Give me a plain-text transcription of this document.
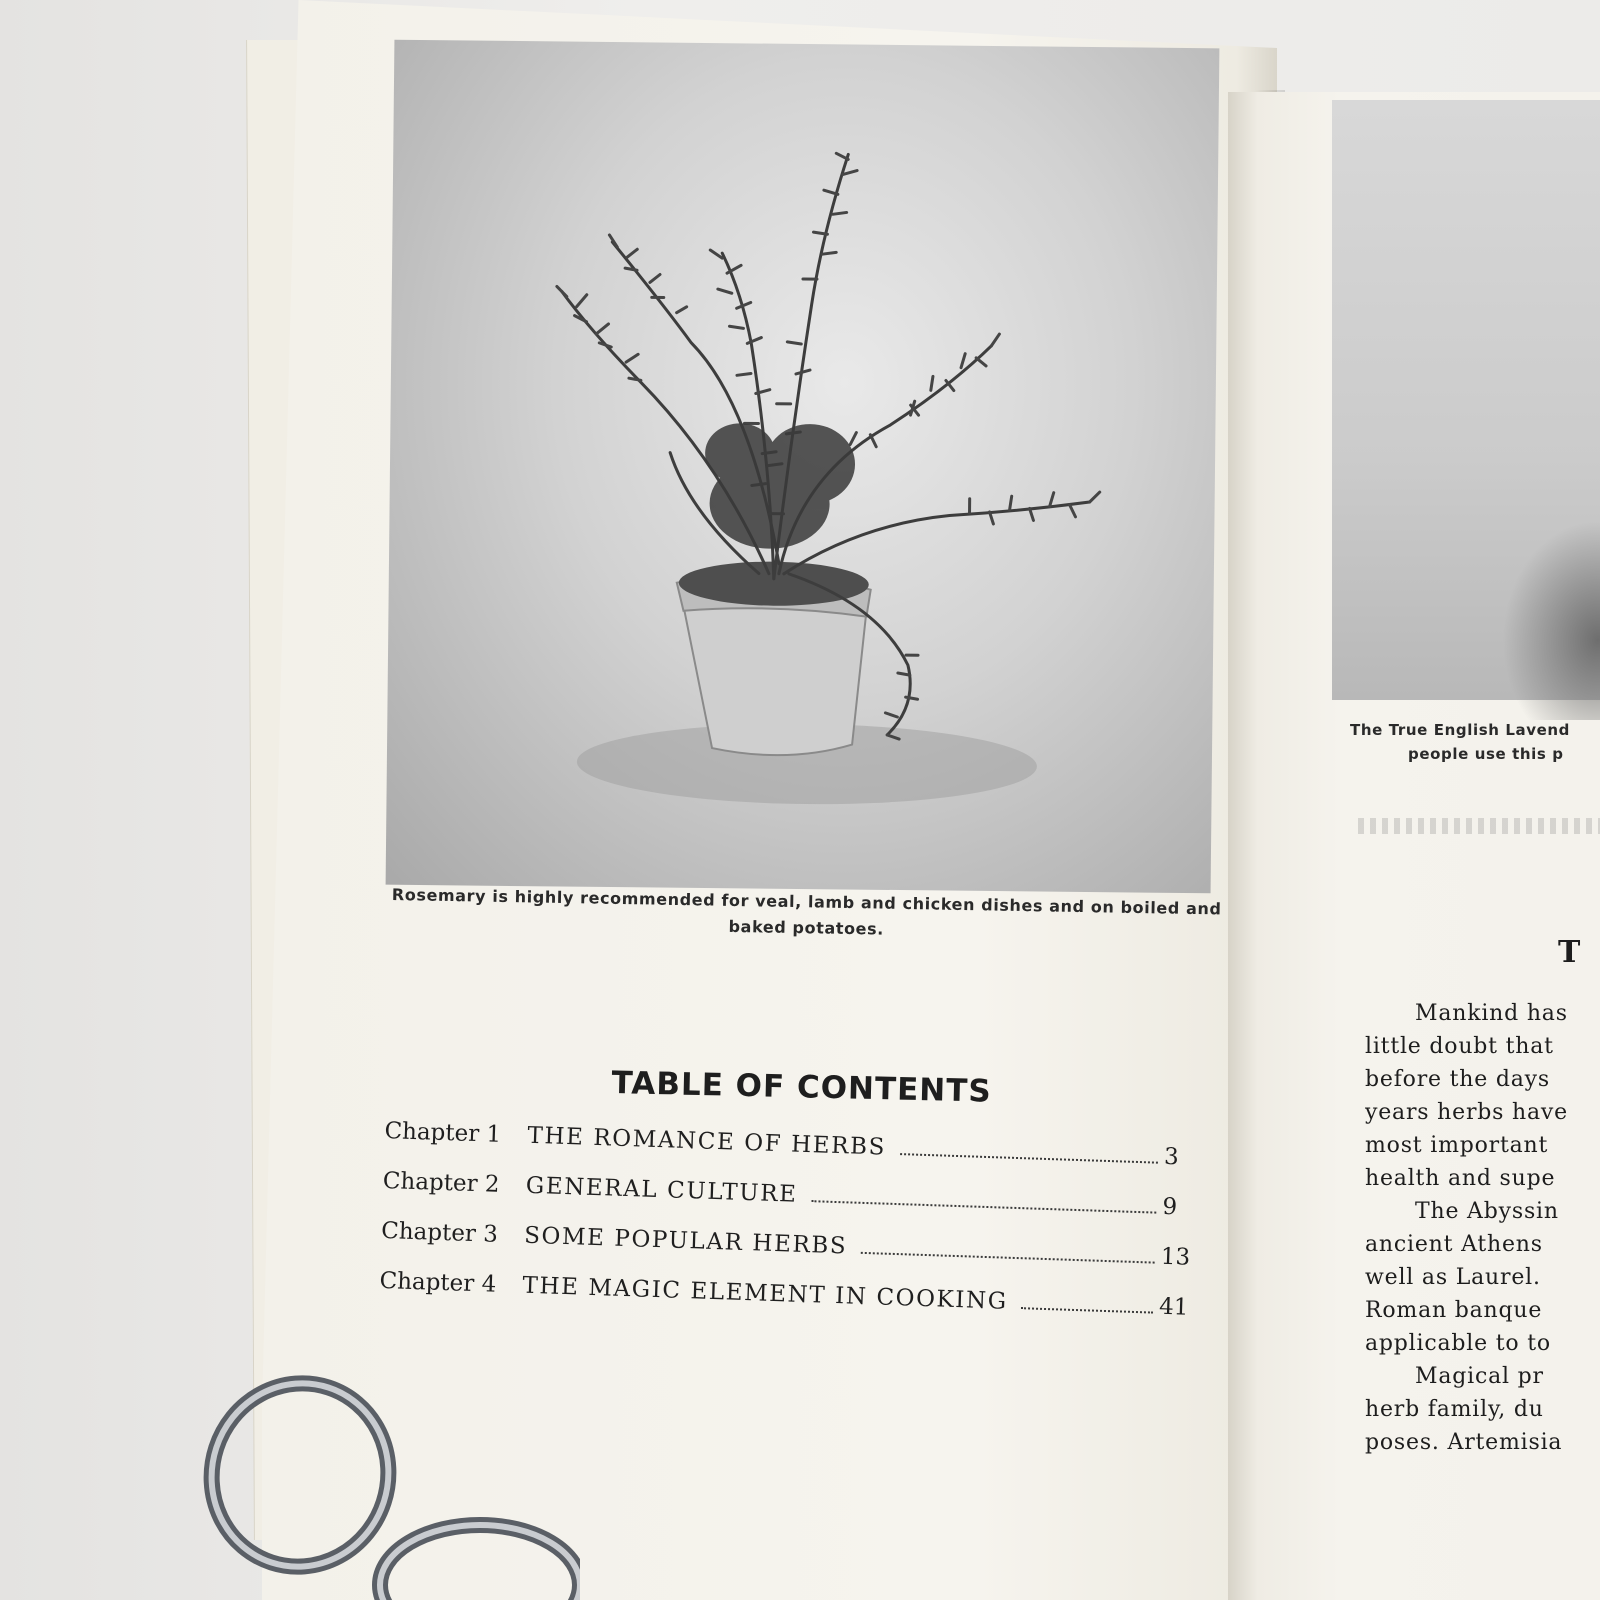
Rosemary is highly recommended for veal, lamb and chicken dishes and on boiled and baked potatoes.
TABLE OF CONTENTS
Chapter 1	THE ROMANCE OF HERBS	3
Chapter 2	GENERAL CULTURE	9
Chapter 3	SOME POPULAR HERBS	13
Chapter 4	THE MAGIC ELEMENT IN COOKING	41
The True English Lavend
people use this p
T
Mankind has
little doubt that
before the days
years herbs have
most important
health and supe
The Abyssin
ancient Athens
well as Laurel.
Roman banque
applicable to to
Magical pr
herb family, du
poses. Artemisia
